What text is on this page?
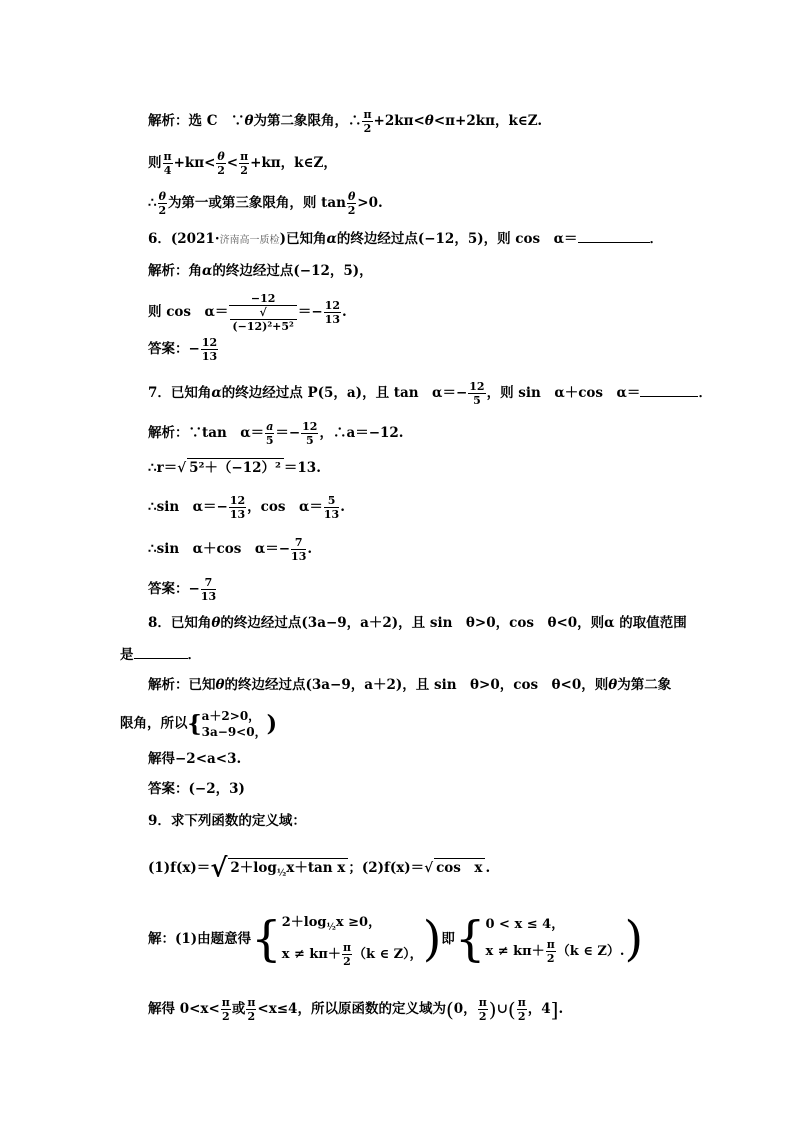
解析：选 C　∵θ为第二象限角，∴ $\frac{\pi}{2} +2k\pi<\theta<\pi+2k\pi$，k∈Z.
则 $\frac{\pi}{4} +k\pi< \frac{\theta}{2} < \frac{\pi}{2} +k\pi$，k∈Z，
∴ $\frac{\theta}{2}$ 为第一或第三象限角，则 $\tan \frac{\theta}{2} >0$.
6．(2021·济南高一质检)已知角α的终边经过点(−12，5)，则 cos　α＝	．
解析：角α的终边经过点(−12，5)，
则 cos　α＝ −12
√
$(-12)^2+5^2 =- \frac{12}{13}$ .
答案：− $\frac{12}{13}$
7．已知角α的终边经过点 P(5，a)，且 tan　$\alpha=- \frac{12}{5}$ ，则 sin　α＋cos　α＝	．
解析：∵tan　$\alpha= \frac{a}{5} =- \frac{12}{5}$ ，∴a＝−12.
∴r＝√ 5²＋（−12）² ＝13.
∴sin　$\alpha=- \frac{12}{13}$ ，cos　$\alpha= \frac{5}{13}$ .
∴sin　α＋cos　$\alpha=- \frac{7}{13}$ .
答案：− $\frac{7}{13}$
8．已知角θ的终边经过点(3a−9，a＋2)，且 sin　θ>0，cos　θ<0，则α 的取值范围
是	．
解析：已知θ的终边经过点(3a−9，a＋2)，且 sin　θ>0，cos　θ<0，则θ为第二象
限角，所以{ a＋2>0，
3a−9<0， )
解得−2<a<3.
答案：(−2，3)
9．求下列函数的定义域：
(1)f(x)＝√ $2+\log_{\frac{1}{2}}x+\tan$ x ；(2)f(x)＝√ cos　x .
解：(1)由题意得{ $2+\log_{\frac{1}{2}}x \ge 0$，
$x \ne k\pi+ \frac{\pi}{2} (k$ ∈ Z）， )即{ 0 < x ≤ 4，
$x \ne k\pi+ \frac{\pi}{2} (k$ ∈ Z）. )
解得 $0<x< \frac{\pi}{2}$ 或 $\frac{\pi}{2} <x\le 4$，所以原函数的定义域为(0， $\frac{\pi}{2}$ )∪( $\frac{\pi}{2}$ ，4].
